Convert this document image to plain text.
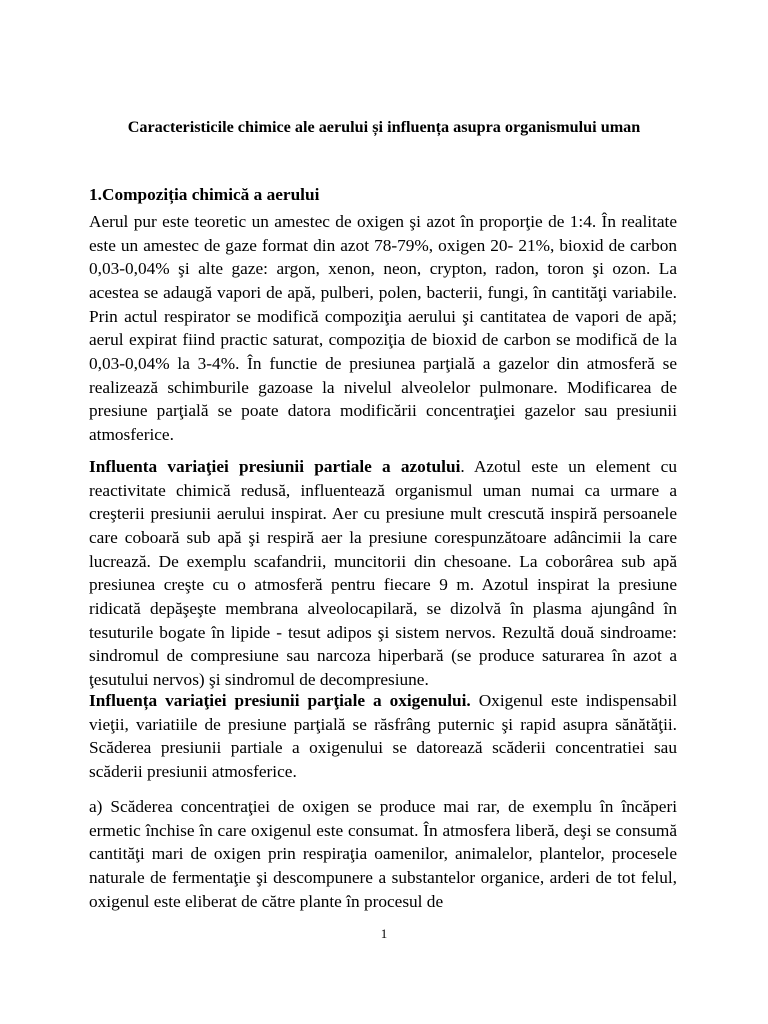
Caracteristicile chimice ale aerului și influența asupra organismului uman
1.Compoziția chimică a aerului

Aerul pur este teoretic un amestec de oxigen şi azot în proporţie de 1:4. În realitate este un amestec de gaze format din azot 78-79%, oxigen 20- 21%, bioxid de carbon 0,03-0,04% şi alte gaze: argon, xenon, neon, crypton, radon, toron şi ozon. La acestea se adaugă vapori de apă, pulberi, polen, bacterii, fungi, în cantităţi variabile. Prin actul respirator se modifică compoziţia aerului şi cantitatea de vapori de apă; aerul expirat fiind practic saturat, compoziţia de bioxid de carbon se modifică de la 0,03-0,04% la 3-4%. În functie de presiunea parţială a gazelor din atmosferă se realizează schimburile gazoase la nivelul alveolelor pulmonare. Modificarea de presiune parţială se poate datora modificării concentraţiei gazelor sau presiunii atmosferice.

Influenta variaţiei presiunii partiale a azotului. Azotul este un element cu reactivitate chimică redusă, influentează organismul uman numai ca urmare a creşterii presiunii aerului inspirat. Aer cu presiune mult crescută inspiră persoanele care coboară sub apă şi respiră aer la presiune corespunzătoare adâncimii la care lucrează. De exemplu scafandrii, muncitorii din chesoane. La coborârea sub apă presiunea creşte cu o atmosferă pentru fiecare 9 m. Azotul inspirat la presiune ridicată depăşeşte membrana alveolocapilară, se dizolvă în plasma ajungând în tesuturile bogate în lipide - tesut adipos şi sistem nervos. Rezultă două sindroame: sindromul de compresiune sau narcoza hiperbară (se produce saturarea în azot a ţesutului nervos) şi sindromul de decompresiune.

Influența variaţiei presiunii parţiale a oxigenului. Oxigenul este indispensabil vieţii, variatiile de presiune parţială se răsfrâng puternic şi rapid asupra sănătăţii. Scăderea presiunii partiale a oxigenului se datorează scăderii concentratiei sau scăderii presiunii atmosferice.

a) Scăderea concentraţiei de oxigen se produce mai rar, de exemplu în încăperi ermetic închise în care oxigenul este consumat. În atmosfera liberă, deşi se consumă cantităţi mari de oxigen prin respiraţia oamenilor, animalelor, plantelor, procesele naturale de fermentaţie şi descompunere a substantelor organice, arderi de tot felul, oxigenul este eliberat de către plante în procesul de

1
